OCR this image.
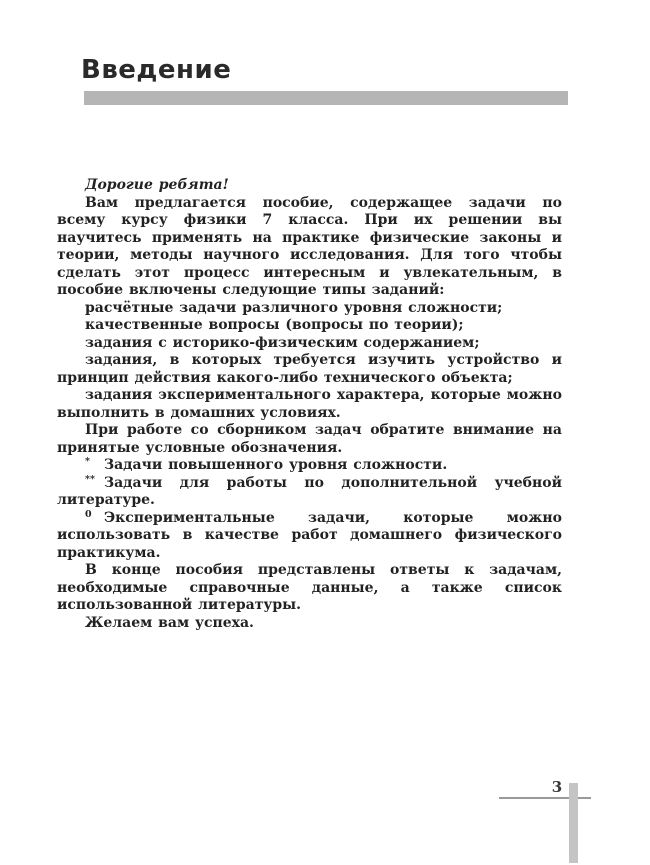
Введение

Дорогие ребята!

Вам предлагается пособие, содержащее задачи по всему курсу физики 7 класса. При их решении вы научитесь применять на практике физические законы и теории, методы научного исследования. Для того чтобы сделать этот процесс интересным и увлекательным, в пособие включены следующие типы заданий:

расчётные задачи различного уровня сложности;

качественные вопросы (вопросы по теории);

задания с историко-физическим содержанием;

задания, в которых требуется изучить устройство и принцип действия какого-либо технического объекта;

задания экспериментального характера, которые можно выполнить в домашних условиях.

При работе со сборником задач обратите внимание на принятые условные обозначения.

* Задачи повышенного уровня сложности.

** Задачи для работы по дополнительной учебной литературе.

$^0$ Экспериментальные задачи, которые можно использовать в качестве работ домашнего физического практикума.

В конце пособия представлены ответы к задачам, необходимые справочные данные, а также список использованной литературы.

Желаем вам успеха.

3
